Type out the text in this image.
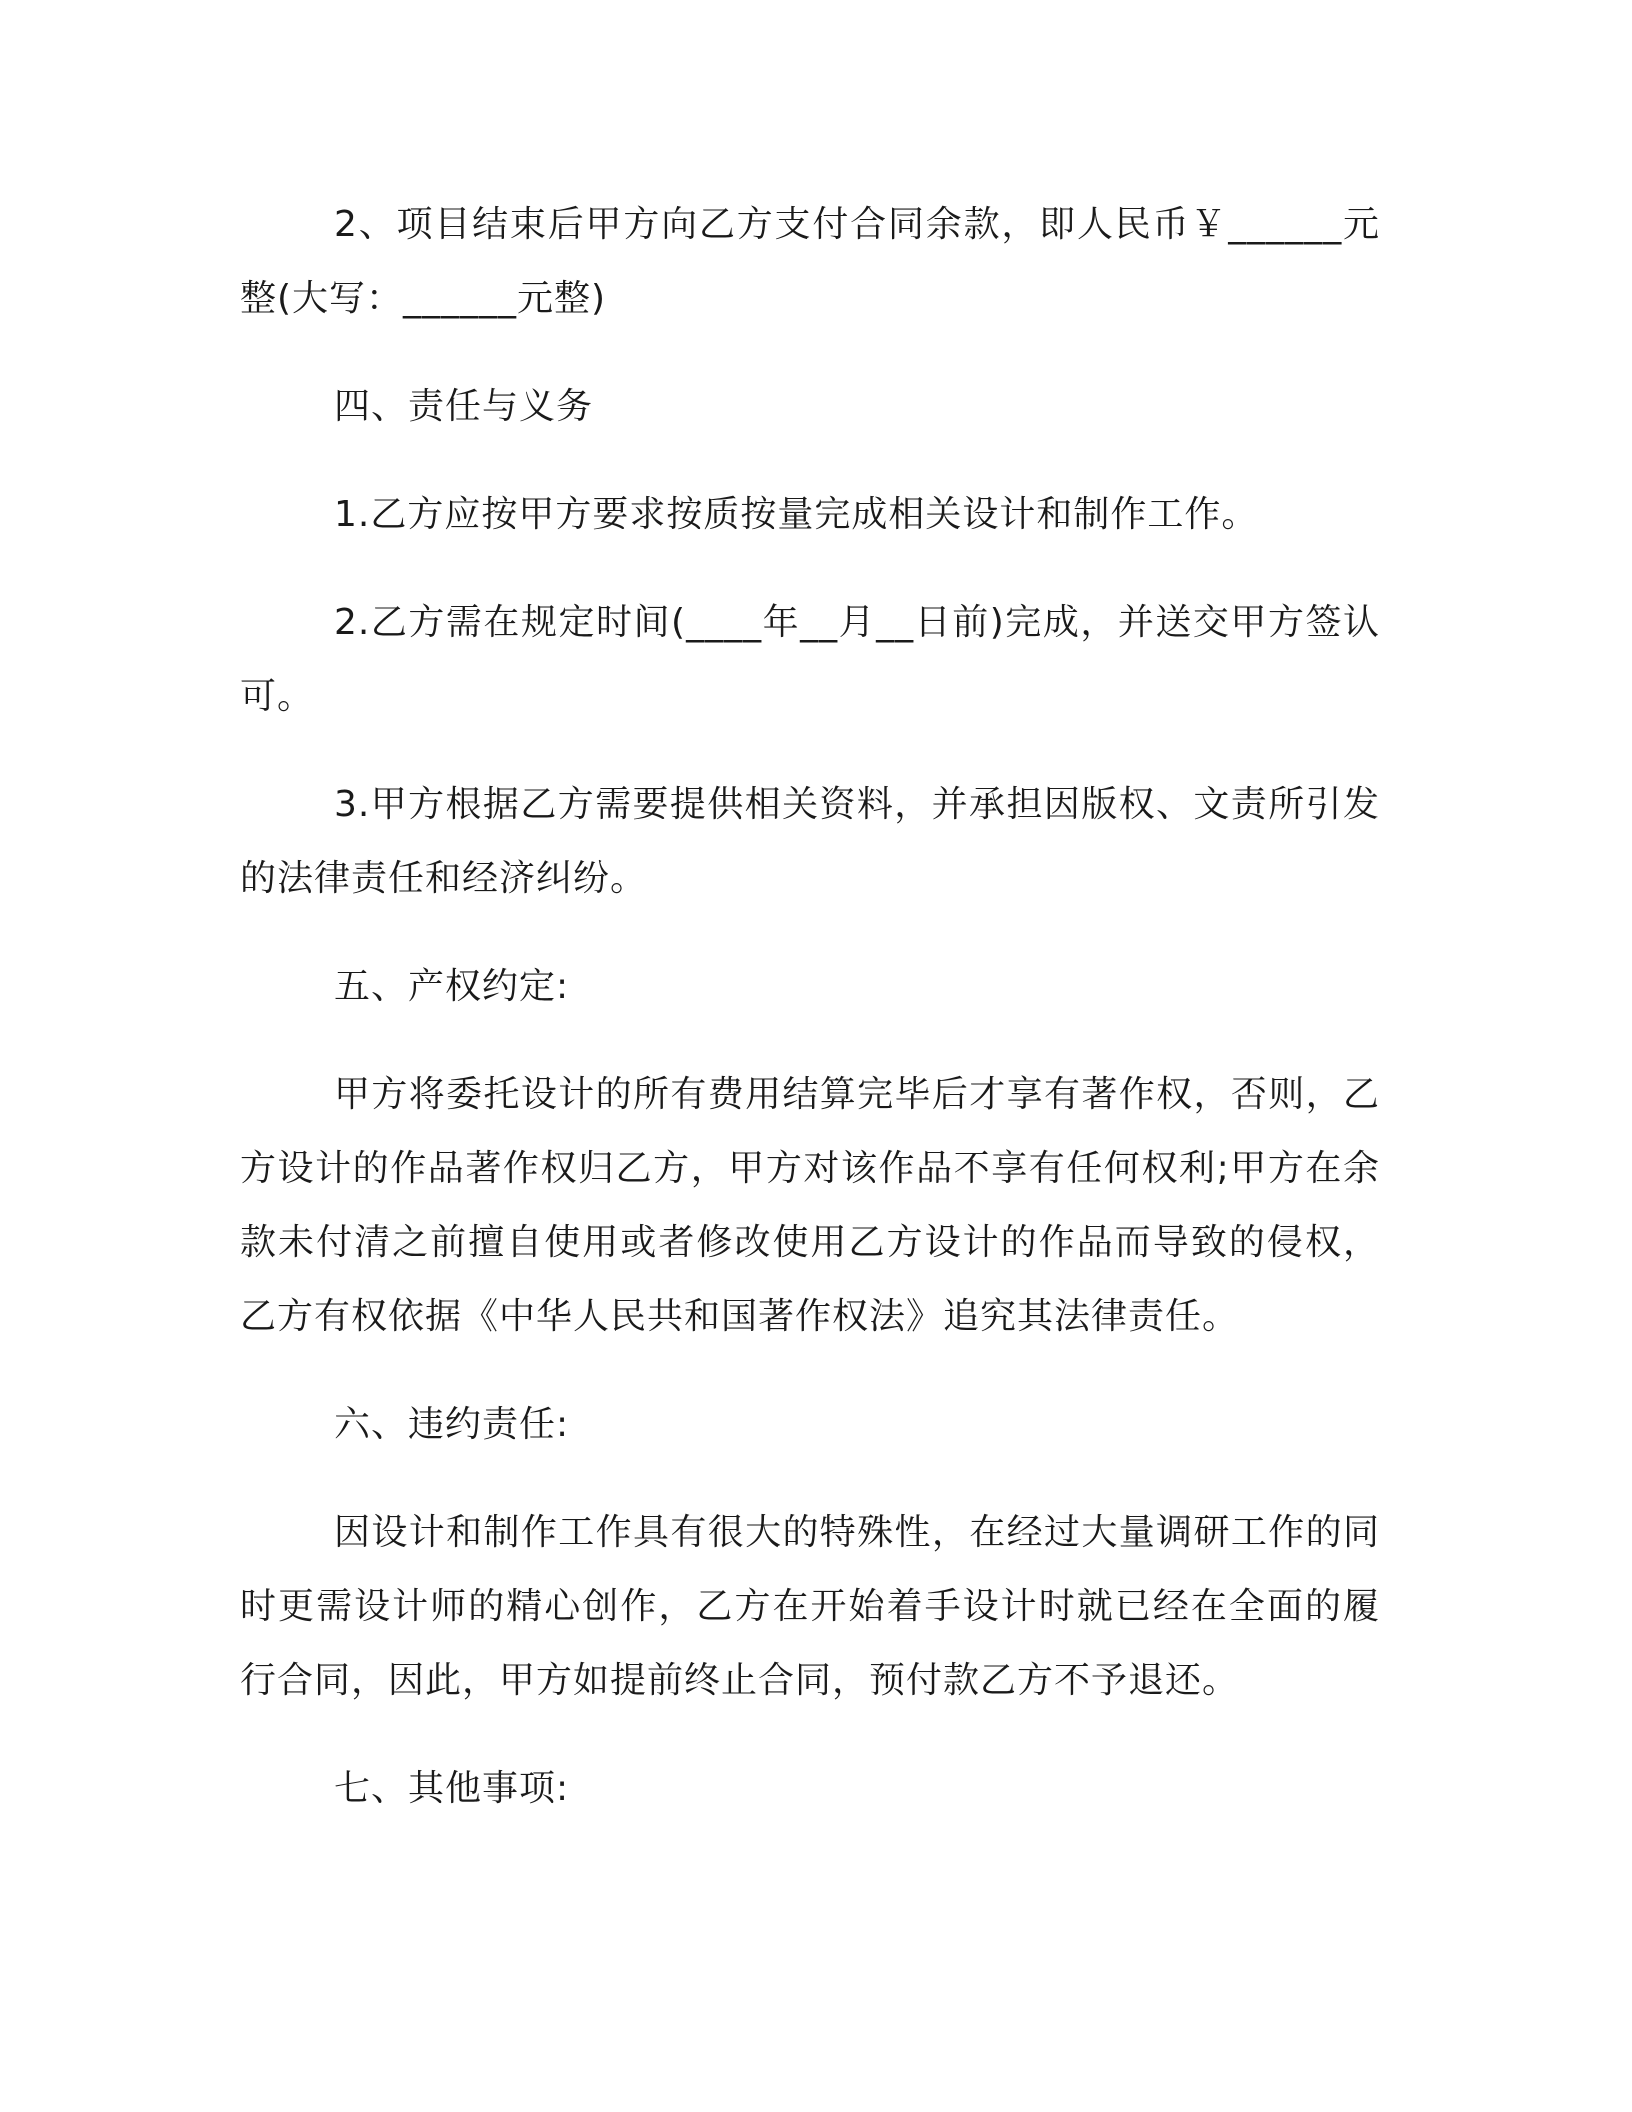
2、项目结束后甲方向乙方支付合同余款，即人民币￥______元整(大写：______元整)

四、责任与义务

1.乙方应按甲方要求按质按量完成相关设计和制作工作。

2.乙方需在规定时间(____年__月__日前)完成，并送交甲方签认可。

3.甲方根据乙方需要提供相关资料，并承担因版权、文责所引发的法律责任和经济纠纷。

五、产权约定:

甲方将委托设计的所有费用结算完毕后才享有著作权，否则，乙方设计的作品著作权归乙方，甲方对该作品不享有任何权利;甲方在余款未付清之前擅自使用或者修改使用乙方设计的作品而导致的侵权，乙方有权依据《中华人民共和国著作权法》追究其法律责任。

六、违约责任:

因设计和制作工作具有很大的特殊性，在经过大量调研工作的同时更需设计师的精心创作，乙方在开始着手设计时就已经在全面的履行合同，因此，甲方如提前终止合同，预付款乙方不予退还。

七、其他事项:
